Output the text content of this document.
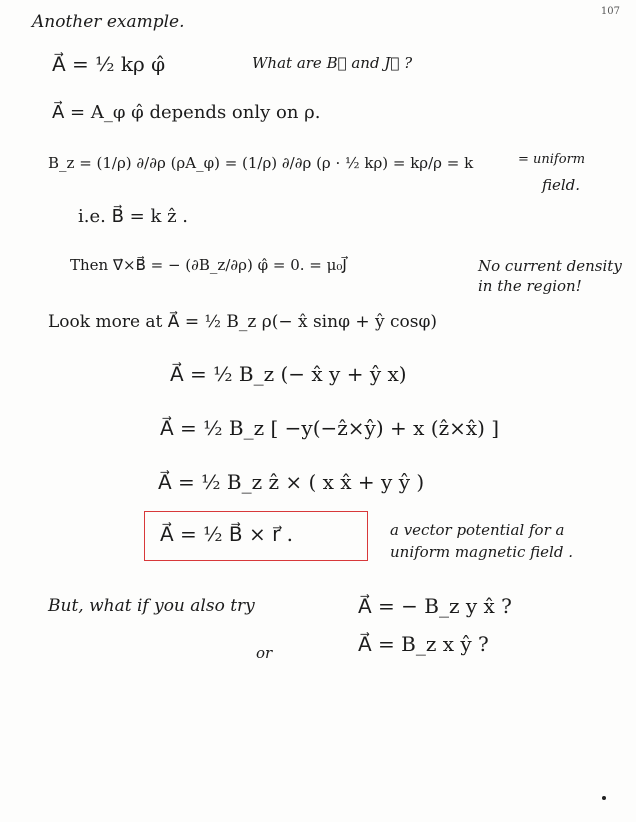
107
Another example.
A⃗ = ½ kρ φ̂	What are B⃗ and J⃗ ?
A⃗ = A_φ φ̂ depends only on ρ.
B_z = (1/ρ) ∂/∂ρ (ρA_φ) = (1/ρ) ∂/∂ρ (ρ · ½ kρ) = kρ/ρ = k	= uniform
field.
i.e. B⃗ = k ẑ .
Then ∇⃗×B⃗ = − (∂B_z/∂ρ) φ̂ = 0. = μ₀J⃗	No current density
in the region!
Look more at A⃗ = ½ B_z ρ(− x̂ sinφ + ŷ cosφ)
A⃗ = ½ B_z (− x̂ y + ŷ x)
A⃗ = ½ B_z [ −y(−ẑ×ŷ) + x (ẑ×x̂) ]
A⃗ = ½ B_z ẑ × ( x x̂ + y ŷ )
A⃗ = ½ B⃗ × r⃗ .	a vector potential for a
uniform magnetic field .
But, what if you also try	A⃗ = − B_z y x̂ ?
or	A⃗ = B_z x ŷ ?
